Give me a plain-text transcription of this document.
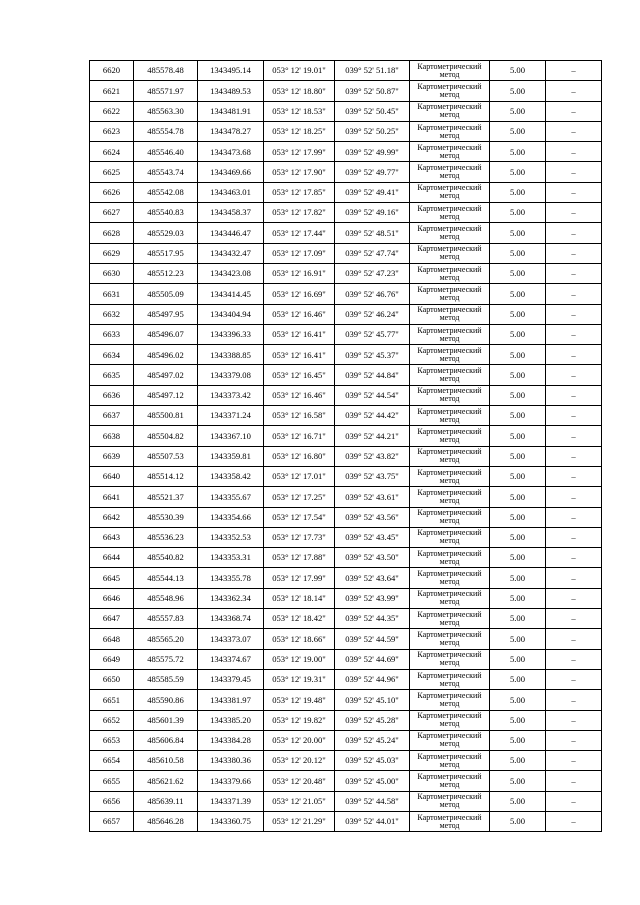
6620	485578.48	1343495.14	053° 12' 19.01"	039° 52' 51.18"	Картометрический метод	5.00	–
6621	485571.97	1343489.53	053° 12' 18.80"	039° 52' 50.87"	Картометрический метод	5.00	–
6622	485563.30	1343481.91	053° 12' 18.53"	039° 52' 50.45"	Картометрический метод	5.00	–
6623	485554.78	1343478.27	053° 12' 18.25"	039° 52' 50.25"	Картометрический метод	5.00	–
6624	485546.40	1343473.68	053° 12' 17.99"	039° 52' 49.99"	Картометрический метод	5.00	–
6625	485543.74	1343469.66	053° 12' 17.90"	039° 52' 49.77"	Картометрический метод	5.00	–
6626	485542.08	1343463.01	053° 12' 17.85"	039° 52' 49.41"	Картометрический метод	5.00	–
6627	485540.83	1343458.37	053° 12' 17.82"	039° 52' 49.16"	Картометрический метод	5.00	–
6628	485529.03	1343446.47	053° 12' 17.44"	039° 52' 48.51"	Картометрический метод	5.00	–
6629	485517.95	1343432.47	053° 12' 17.09"	039° 52' 47.74"	Картометрический метод	5.00	–
6630	485512.23	1343423.08	053° 12' 16.91"	039° 52' 47.23"	Картометрический метод	5.00	–
6631	485505.09	1343414.45	053° 12' 16.69"	039° 52' 46.76"	Картометрический метод	5.00	–
6632	485497.95	1343404.94	053° 12' 16.46"	039° 52' 46.24"	Картометрический метод	5.00	–
6633	485496.07	1343396.33	053° 12' 16.41"	039° 52' 45.77"	Картометрический метод	5.00	–
6634	485496.02	1343388.85	053° 12' 16.41"	039° 52' 45.37"	Картометрический метод	5.00	–
6635	485497.02	1343379.08	053° 12' 16.45"	039° 52' 44.84"	Картометрический метод	5.00	–
6636	485497.12	1343373.42	053° 12' 16.46"	039° 52' 44.54"	Картометрический метод	5.00	–
6637	485500.81	1343371.24	053° 12' 16.58"	039° 52' 44.42"	Картометрический метод	5.00	–
6638	485504.82	1343367.10	053° 12' 16.71"	039° 52' 44.21"	Картометрический метод	5.00	–
6639	485507.53	1343359.81	053° 12' 16.80"	039° 52' 43.82"	Картометрический метод	5.00	–
6640	485514.12	1343358.42	053° 12' 17.01"	039° 52' 43.75"	Картометрический метод	5.00	–
6641	485521.37	1343355.67	053° 12' 17.25"	039° 52' 43.61"	Картометрический метод	5.00	–
6642	485530.39	1343354.66	053° 12' 17.54"	039° 52' 43.56"	Картометрический метод	5.00	–
6643	485536.23	1343352.53	053° 12' 17.73"	039° 52' 43.45"	Картометрический метод	5.00	–
6644	485540.82	1343353.31	053° 12' 17.88"	039° 52' 43.50"	Картометрический метод	5.00	–
6645	485544.13	1343355.78	053° 12' 17.99"	039° 52' 43.64"	Картометрический метод	5.00	–
6646	485548.96	1343362.34	053° 12' 18.14"	039° 52' 43.99"	Картометрический метод	5.00	–
6647	485557.83	1343368.74	053° 12' 18.42"	039° 52' 44.35"	Картометрический метод	5.00	–
6648	485565.20	1343373.07	053° 12' 18.66"	039° 52' 44.59"	Картометрический метод	5.00	–
6649	485575.72	1343374.67	053° 12' 19.00"	039° 52' 44.69"	Картометрический метод	5.00	–
6650	485585.59	1343379.45	053° 12' 19.31"	039° 52' 44.96"	Картометрический метод	5.00	–
6651	485590.86	1343381.97	053° 12' 19.48"	039° 52' 45.10"	Картометрический метод	5.00	–
6652	485601.39	1343385.20	053° 12' 19.82"	039° 52' 45.28"	Картометрический метод	5.00	–
6653	485606.84	1343384.28	053° 12' 20.00"	039° 52' 45.24"	Картометрический метод	5.00	–
6654	485610.58	1343380.36	053° 12' 20.12"	039° 52' 45.03"	Картометрический метод	5.00	–
6655	485621.62	1343379.66	053° 12' 20.48"	039° 52' 45.00"	Картометрический метод	5.00	–
6656	485639.11	1343371.39	053° 12' 21.05"	039° 52' 44.58"	Картометрический метод	5.00	–
6657	485646.28	1343360.75	053° 12' 21.29"	039° 52' 44.01"	Картометрический метод	5.00	–
